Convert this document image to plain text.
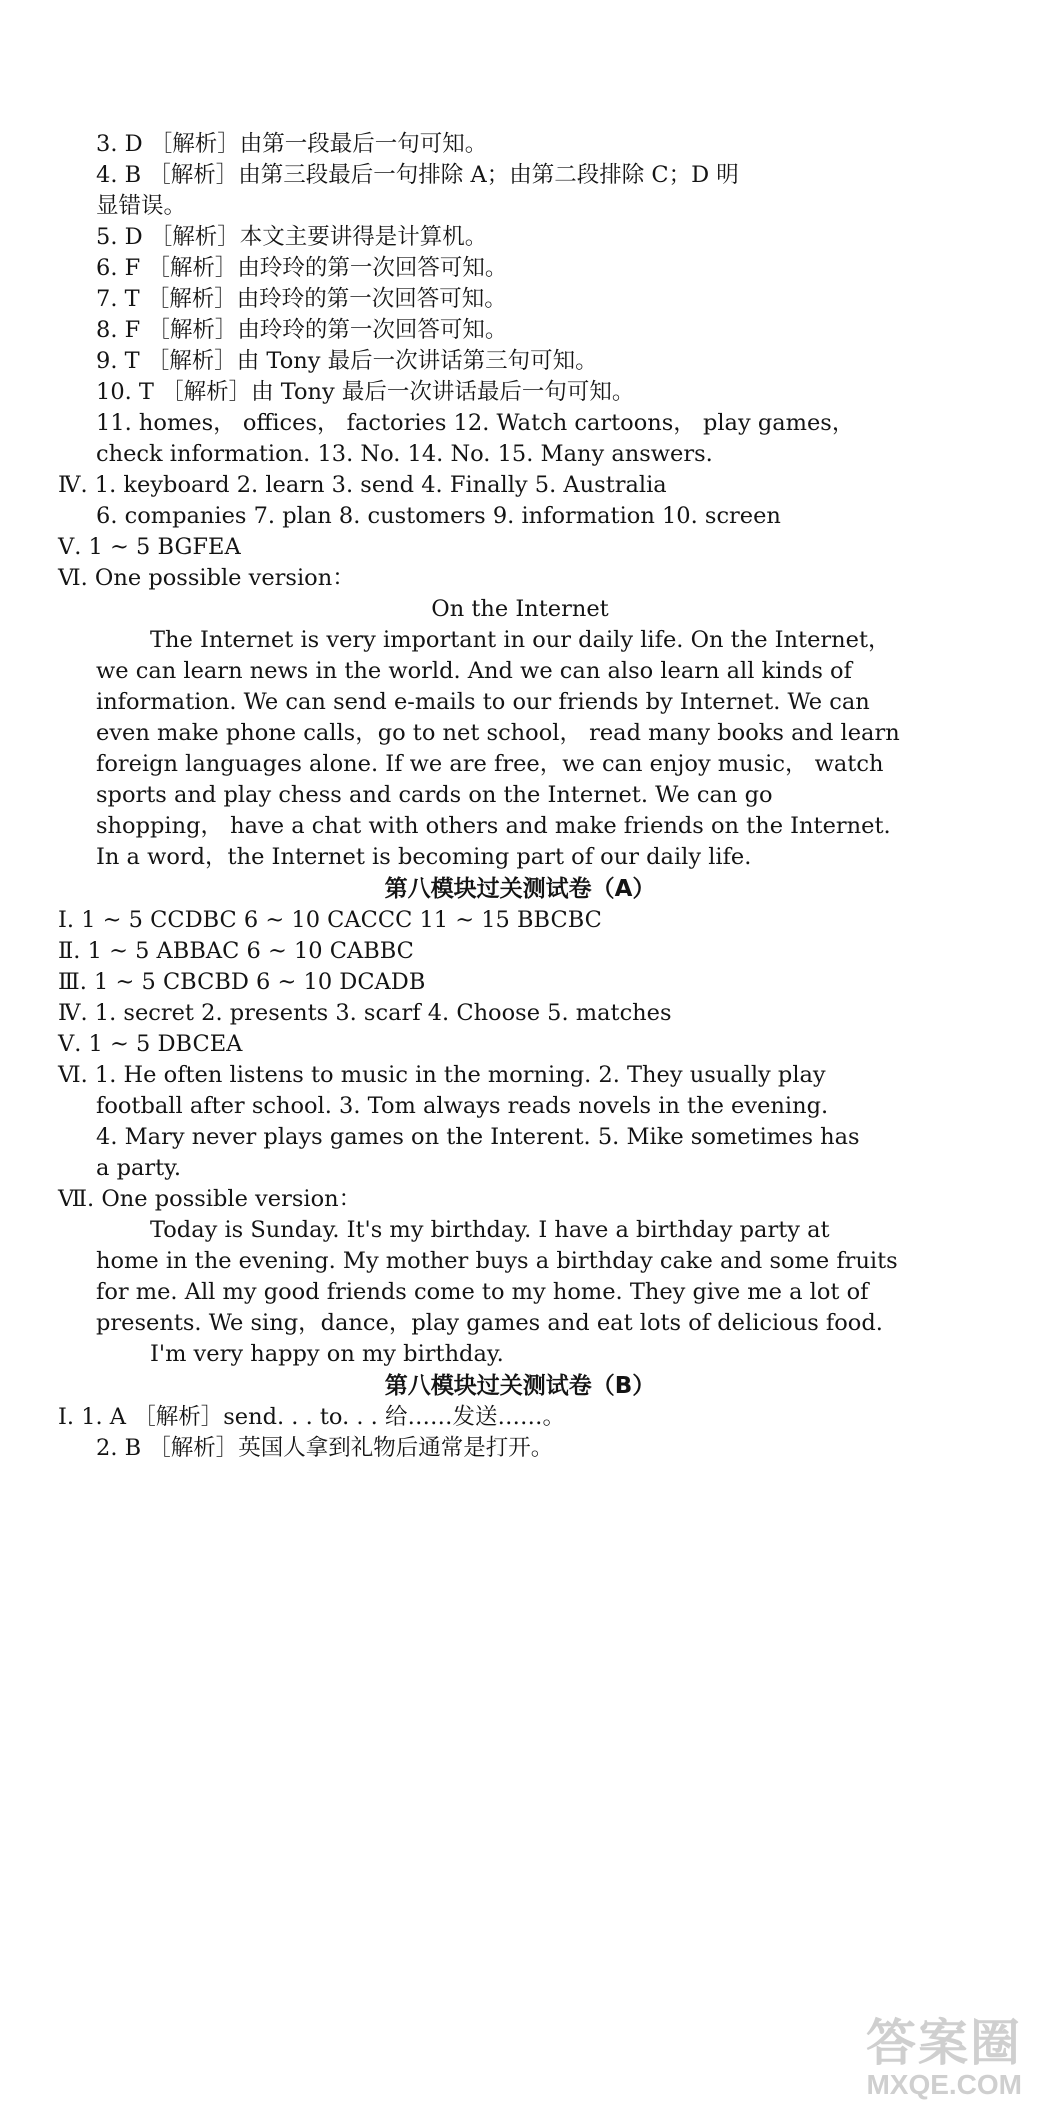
3. D ［解析］由第一段最后一句可知。
4. B ［解析］由第三段最后一句排除 A；由第二段排除 C；D 明
显错误。
5. D ［解析］本文主要讲得是计算机。
6. F ［解析］由玲玲的第一次回答可知。
7. T ［解析］由玲玲的第一次回答可知。
8. F ［解析］由玲玲的第一次回答可知。
9. T ［解析］由 Tony 最后一次讲话第三句可知。
10. T ［解析］由 Tony 最后一次讲话最后一句可知。
11. homes， offices， factories 12. Watch cartoons， play games，
check information. 13. No. 14. No. 15. Many answers.
Ⅳ. 1. keyboard 2. learn 3. send 4. Finally 5. Australia
6. companies 7. plan 8. customers 9. information 10. screen
Ⅴ. 1 ~ 5 BGFEA
Ⅵ. One possible version：
On the Internet
The Internet is very important in our daily life. On the Internet，
we can learn news in the world. And we can also learn all kinds of
information. We can send e-mails to our friends by Internet. We can
even make phone calls，go to net school， read many books and learn
foreign languages alone. If we are free，we can enjoy music， watch
sports and play chess and cards on the Internet. We can go
shopping， have a chat with others and make friends on the Internet.
In a word，the Internet is becoming part of our daily life.
第八模块过关测试卷（A）
Ⅰ. 1 ~ 5 CCDBC 6 ~ 10 CACCC 11 ~ 15 BBCBC
Ⅱ. 1 ~ 5 ABBAC 6 ~ 10 CABBC
Ⅲ. 1 ~ 5 CBCBD 6 ~ 10 DCADB
Ⅳ. 1. secret 2. presents 3. scarf 4. Choose 5. matches
Ⅴ. 1 ~ 5 DBCEA
Ⅵ. 1. He often listens to music in the morning. 2. They usually play
football after school. 3. Tom always reads novels in the evening.
4. Mary never plays games on the Interent. 5. Mike sometimes has
a party.
Ⅶ. One possible version：
Today is Sunday. It's my birthday. I have a birthday party at
home in the evening. My mother buys a birthday cake and some fruits
for me. All my good friends come to my home. They give me a lot of
presents. We sing，dance，play games and eat lots of delicious food.
I'm very happy on my birthday.
第八模块过关测试卷（B）
Ⅰ. 1. A ［解析］send. . . to. . . 给……发送……。
2. B ［解析］英国人拿到礼物后通常是打开。
答案圈
MXQE.COM
